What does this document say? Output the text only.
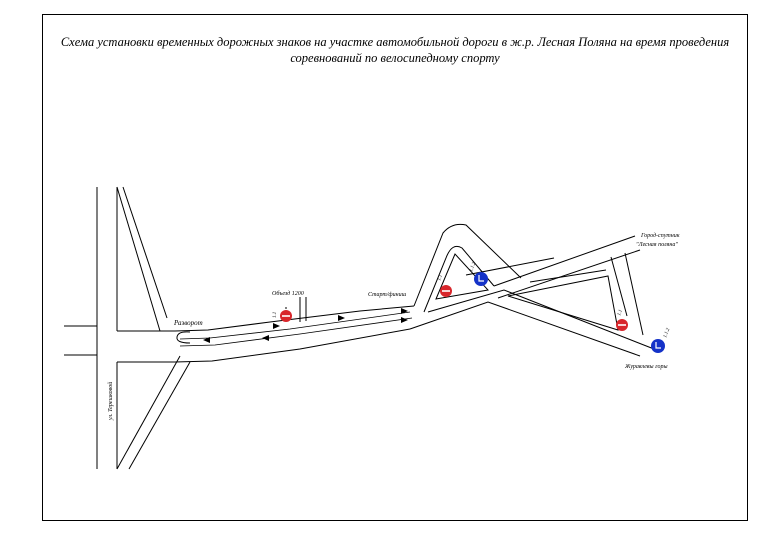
Схема установки временных дорожных знаков на участке автомобильной дороги в ж.р. Лесная Поляна на время проведения соревнований по велосипедному спорту

1.1
1.1
1.1
1.1.2
1.1.2
ул. Терешковой
Разворот
Объезд 1200	Старт/финиш
Город-спутник
"Лесная поляна"
Журавлевы горы
